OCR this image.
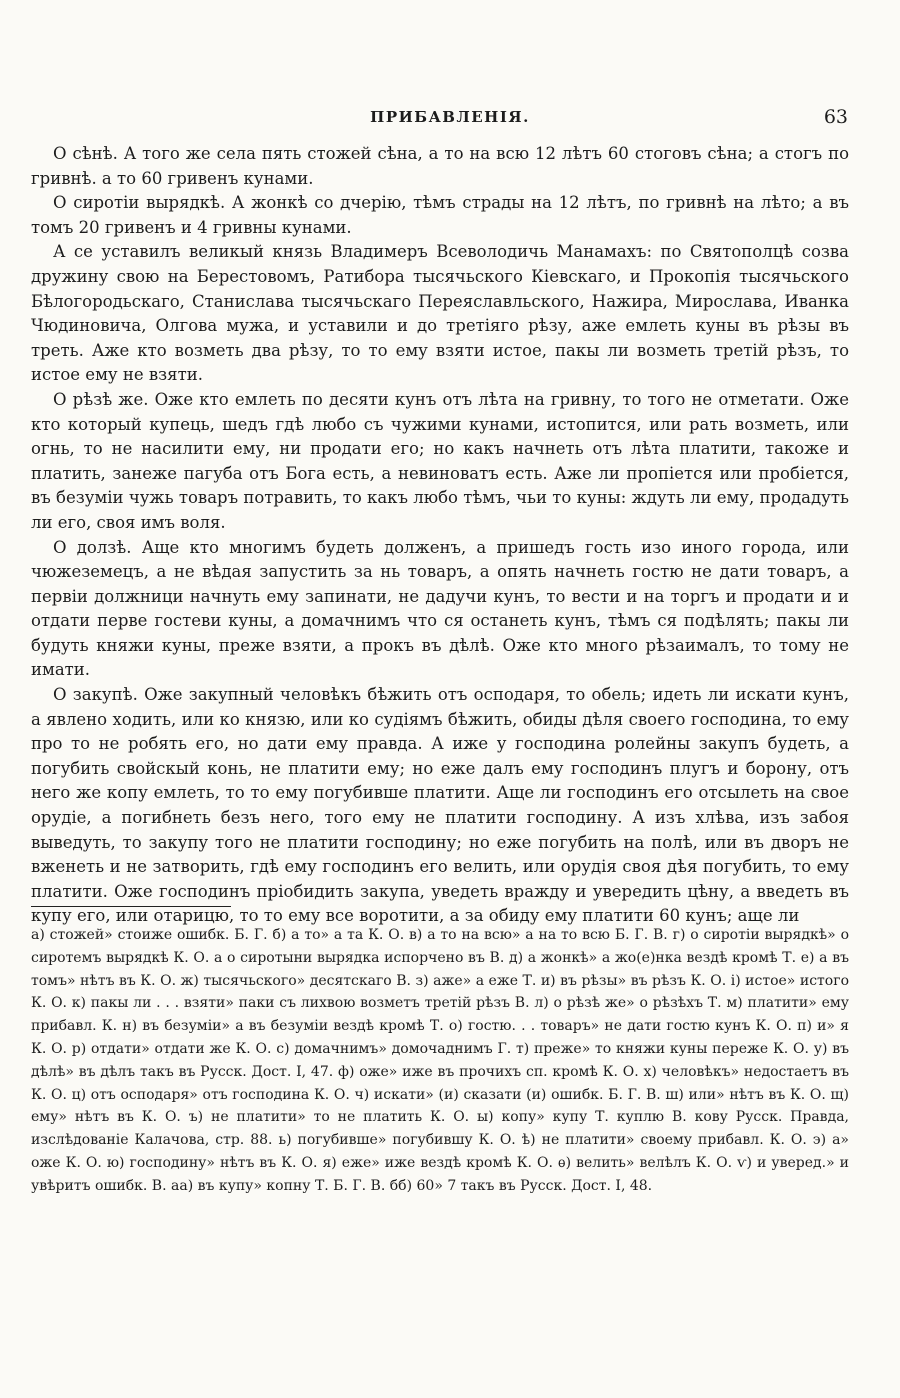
ПРИБАВЛЕНІЯ.	63

О сѣнѣ. А того же села пять стожей сѣна, а то на всю 12 лѣтъ 60 стоговъ сѣна; а стогъ по гривнѣ. а то 60 гривенъ кунами.

О сиротіи вырядкѣ. А жонкѣ со дчерію, тѣмъ страды на 12 лѣтъ, по гривнѣ на лѣто; а въ томъ 20 гривенъ и 4 гривны кунами.

А се уставилъ великый князь Владимеръ Всеволодичь Манамахъ: по Святополцѣ созва дружину свою на Берестовомъ, Ратибора тысячьского Кіевскаго, и Прокопія тысячьского Бѣлогородьскаго, Станислава тысячьскаго Переяславльского, Нажира, Мирослава, Иванка Чюдиновича, Олгова мужа, и уставили и до третіяго рѣзу, аже емлеть куны въ рѣзы въ треть. Аже кто возметь два рѣзу, то то ему взяти истое, пакы ли возметь третій рѣзъ, то истое ему не взяти.

О рѣзѣ же. Оже кто емлеть по десяти кунъ отъ лѣта на гривну, то того не отметати. Оже кто который купець, шедъ гдѣ любо съ чужими кунами, истопится, или рать возметь, или огнь, то не насилити ему, ни продати его; но какъ начнеть отъ лѣта платити, такоже и платить, занеже пагуба отъ Бога есть, а невиноватъ есть. Аже ли пропіется или пробіется, въ безуміи чужь товаръ потравить, то какъ любо тѣмъ, чьи то куны: ждуть ли ему, продадуть ли его, своя имъ воля.

О долзѣ. Аще кто многимъ будеть долженъ, а пришедъ гость изо иного города, или чюжеземецъ, а не вѣдая запустить за нь товаръ, а опять начнеть гостю не дати товаръ, а первіи должници начнуть ему запинати, не дадучи кунъ, то вести и на торгъ и продати и и отдати перве гостеви куны, а домачнимъ что ся останеть кунъ, тѣмъ ся подѣлять; пакы ли будуть княжи куны, преже взяти, а прокъ въ дѣлѣ. Оже кто много рѣзаималъ, то тому не имати.

О закупѣ. Оже закупный человѣкъ бѣжить отъ осподаря, то обель; идеть ли искати кунъ, а явлено ходить, или ко князю, или ко судіямъ бѣжить, обиды дѣля своего господина, то ему про то не робять его, но дати ему правда. А иже у господина ролейны закупъ будеть, а погубить свойскый конь, не платити ему; но еже далъ ему господинъ плугъ и борону, отъ него же копу емлеть, то то ему погубивше платити. Аще ли господинъ его отсылеть на свое орудіе, а погибнеть безъ него, того ему не платити господину. А изъ хлѣва, изъ забоя выведуть, то закупу того не платити господину; но еже погубить на полѣ, или въ дворъ не вженеть и не затворить, гдѣ ему господинъ его велить, или орудія своя дѣя погубить, то ему платити. Оже господинъ пріобидить закупа, уведеть вражду и увередить цѣну, а введеть въ купу его, или отарицю, то то ему все воротити, а за обиду ему платити 60 кунъ; аще ли

а) стожей» стоиже ошибк. Б. Г. б) а то» а та К. О. в) а то на всю» а на то всю Б. Г. В. г) о сиротіи вырядкѣ» о сиротемъ вырядкѣ К. О. а о сиротыни вырядка испорчено въ В. д) а жонкѣ» а жо(е)нка вездѣ кромѣ Т. е) а въ томъ» нѣтъ въ К. О. ж) тысячьского» десятскаго В. з) аже» а еже Т. и) въ рѣзы» въ рѣзъ К. О. і) истое» истого К. О. к) пакы ли . . . взяти» паки съ лихвою возметъ третій рѣзъ В. л) о рѣзѣ же» о рѣзѣхъ Т. м) платити» ему прибавл. К. н) въ безуміи» а въ безуміи вездѣ кромѣ Т. о) гостю. . . товаръ» не дати гостю кунъ К. О. п) и» я К. О. р) отдати» отдати же К. О. с) домачнимъ» домочаднимъ Г. т) преже» то княжи куны переже К. О. у) въ дѣлѣ» въ дѣлъ такъ въ Русск. Дост. I, 47. ф) оже» иже въ прочихъ сп. кромѣ К. О. х) человѣкъ» недостаетъ въ К. О. ц) отъ осподаря» отъ господина К. О. ч) искати» (и) сказати (и) ошибк. Б. Г. В. ш) или» нѣтъ въ К. О. щ) ему» нѣтъ въ К. О. ъ) не платити» то не платить К. О. ы) копу» купу Т. куплю В. кову Русск. Правда, изслѣдованіе Калачова, стр. 88. ь) погубивше» погубившу К. О. ѣ) не платити» своему прибавл. К. О. э) а» оже К. О. ю) господину» нѣтъ въ К. О. я) еже» иже вездѣ кромѣ К. О. ѳ) велить» велѣлъ К. О. ѵ) и уверед.» и увѣритъ ошибк. В. аа) въ купу» копну Т. Б. Г. В. бб) 60» 7 такъ въ Русск. Дост. I, 48.
